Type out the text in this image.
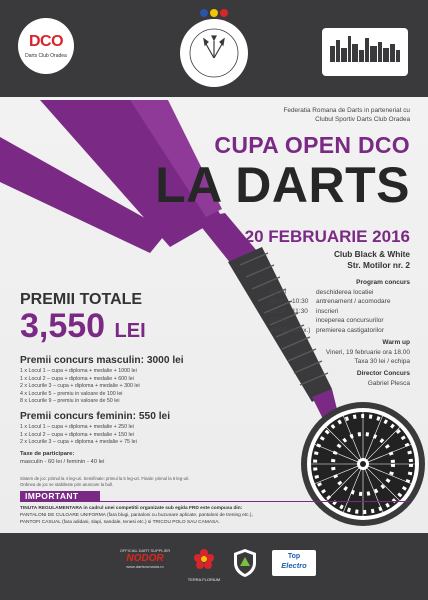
DCO
Darts Club Oradea
Federatia Romana de Darts in parteneriat cu
Clubul Sportiv Darts Club Oradea
CUPA OPEN DCO
LA DARTS
20 FEBRUARIE 2016
Club Black & White
Str. Motilor nr. 2
Program concurs
09:30	deschiderea locatiei
09:30 - 10:30	antrenament / acomodare
10:30 - 11:30	inscrieri
12:30	inceperea concursurilor
20:00 (aprox.) premierea castigatorilor
Warm up
Vineri, 19 februarie ora 18.00
Taxa 30 lei / echipa
Director Concurs
Gabriel Plesca
PREMII TOTALE
3,550 LEI
Premii concurs masculin: 3000 lei
1 x Locul 1 – cupa + diploma + medalie + 1000 lei
1 x Locul 2 – cupa + diploma + medalie + 600 lei
2 x Locurile 3 – cupa + diploma + medalie + 300 lei
4 x Locurile 5 – premiu in valoare de 100 lei
8 x Locurile 9 – premiu in valoare de 50 lei
Premii concurs feminin: 550 lei
1 x Locul 1 – cupa + diploma + medalie + 250 lei
1 x Locul 2 – cupa + diploma + medalie + 150 lei
2 x Locurile 3 – cupa + diploma + medalie + 75 lei
Taxe de participare:
masculin - 60 lei / feminin - 40 lei
Sistem de joc: primul la 4 leg-uri. Semifinale: primul la 5 leg-uri. Finale: primul la 6 leg-uri.
Ordinea de joc se stabileste prin aruncare la bull.
IMPORTANT
TINUTA REGULAMENTARA in cadrul unei competitii organizate sub egida FRD este compusa din:
PANTALONI DE CULOARE UNIFORMA (fara blugi, pantaloni cu buzunare aplicate, pantaloni de trening etc.),
PANTOFI CASUAL (fara adidasi, slapi, sandale, tenesi etc.) si TRICOU POLO SAU CAMASA.
OFFICIAL DART SUPPLIER
NODOR
www.dartsromania.ro
TERRA FLORIUM
Top
Electro
